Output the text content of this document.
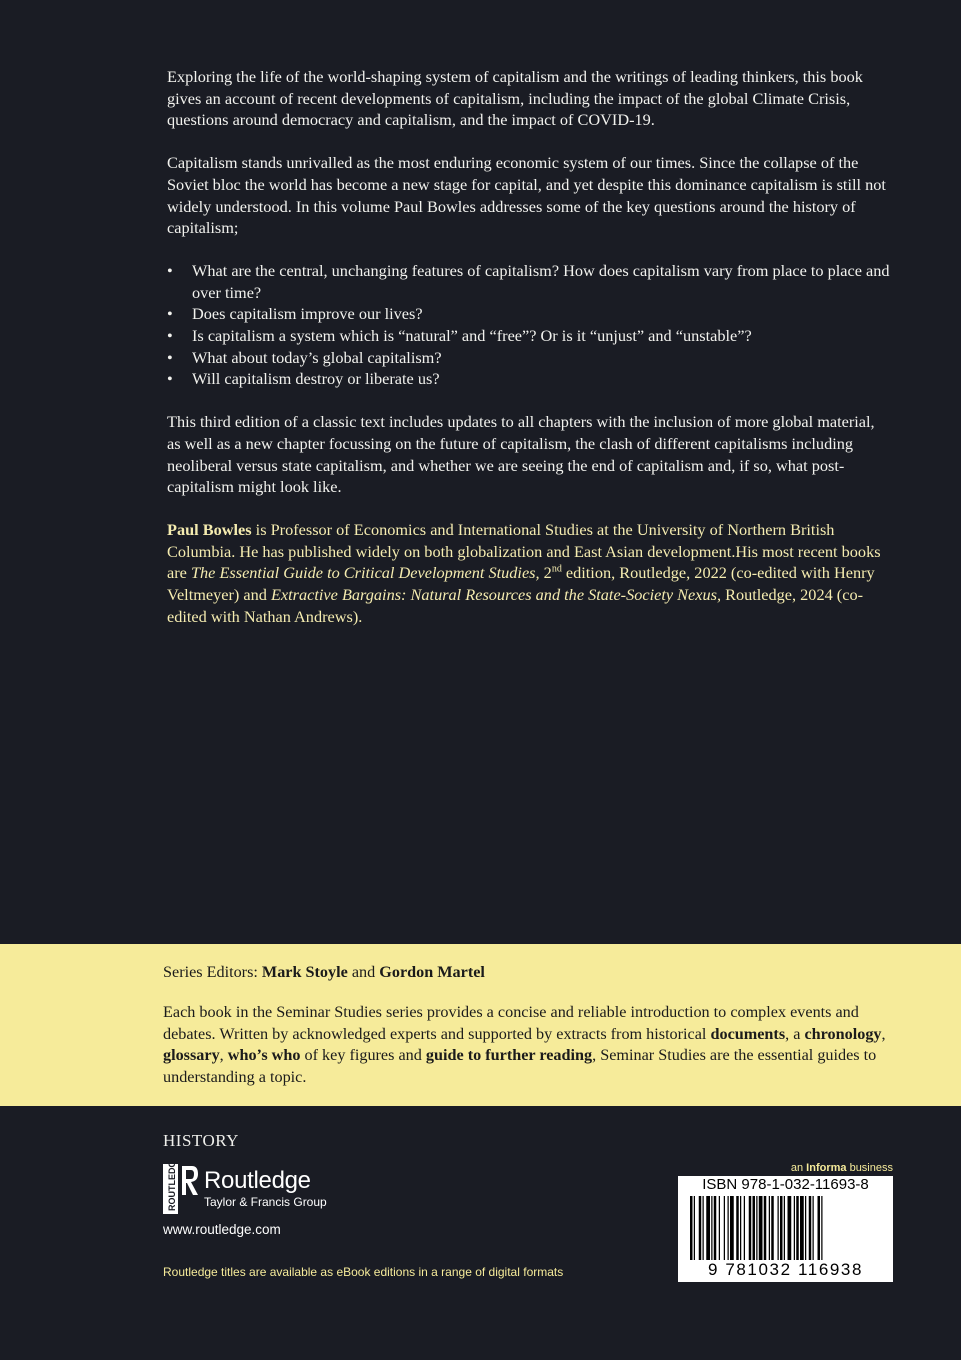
Exploring the life of the world-shaping system of capitalism and the writings of leading thinkers, this book gives an account of recent developments of capitalism, including the impact of the global Climate Crisis, questions around democracy and capitalism, and the impact of COVID-19.

Capitalism stands unrivalled as the most enduring economic system of our times. Since the collapse of the Soviet bloc the world has become a new stage for capital, and yet despite this dominance capitalism is still not widely understood. In this volume Paul Bowles addresses some of the key questions around the history of capitalism;

• What are the central, unchanging features of capitalism? How does capitalism vary from place to place and over time?
• Does capitalism improve our lives?
• Is capitalism a system which is “natural” and “free”? Or is it “unjust” and “unstable”?
• What about today’s global capitalism?
• Will capitalism destroy or liberate us?

This third edition of a classic text includes updates to all chapters with the inclusion of more global material, as well as a new chapter focussing on the future of capitalism, the clash of different capitalisms including neoliberal versus state capitalism, and whether we are seeing the end of capitalism and, if so, what post-capitalism might look like.

Paul Bowles is Professor of Economics and International Studies at the University of Northern British Columbia. He has published widely on both globalization and East Asian development.His most recent books are The Essential Guide to Critical Development Studies, 2nd edition, Routledge, 2022 (co-edited with Henry Veltmeyer) and Extractive Bargains: Natural Resources and the State-Society Nexus, Routledge, 2024 (co-edited with Nathan Andrews).

Series Editors: Mark Stoyle and Gordon Martel

Each book in the Seminar Studies series provides a concise and reliable introduction to complex events and debates. Written by acknowledged experts and supported by extracts from historical documents, a chronology, glossary, who’s who of key figures and guide to further reading, Seminar Studies are the essential guides to understanding a topic.

HISTORY
ROUTLEDGE Routledge
Taylor & Francis Group
www.routledge.com
Routledge titles are available as eBook editions in a range of digital formats
an Informa business
ISBN 978-1-032-11693-8
9 781032 116938
